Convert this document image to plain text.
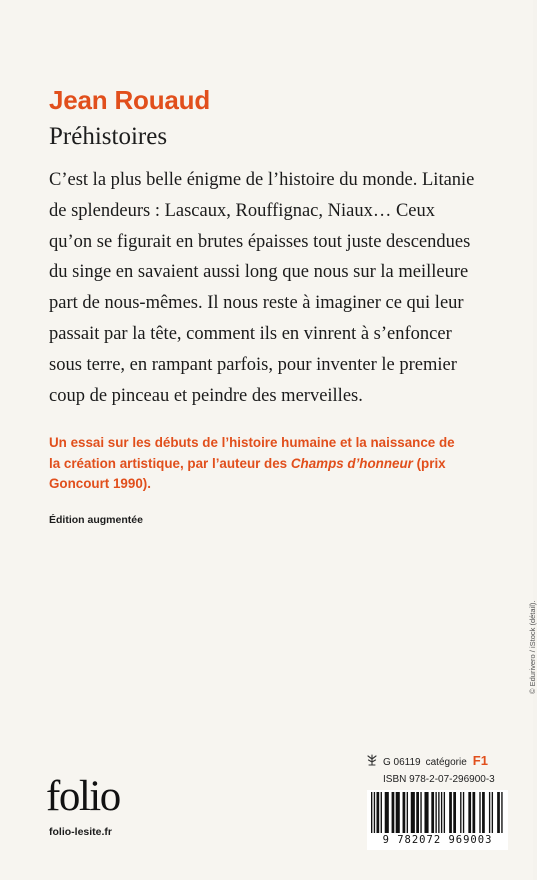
Jean Rouaud
Préhistoires
C’est la plus belle énigme de l’histoire du monde. Litanie
de splendeurs : Lascaux, Rouffignac, Niaux… Ceux
qu’on se figurait en brutes épaisses tout juste descendues
du singe en savaient aussi long que nous sur la meilleure
part de nous-mêmes. Il nous reste à imaginer ce qui leur
passait par la tête, comment ils en vinrent à s’enfoncer
sous terre, en rampant parfois, pour inventer le premier
coup de pinceau et peindre des merveilles.
Un essai sur les débuts de l’histoire humaine et la naissance de
la création artistique, par l’auteur des Champs d’honneur (prix
Goncourt 1990).
Édition augmentée
G 06119 catégorie F1
ISBN 978-2-07-296900-3
9 782072 969003
folio
folio-lesite.fr
© Edurivero / iStock (détail).
